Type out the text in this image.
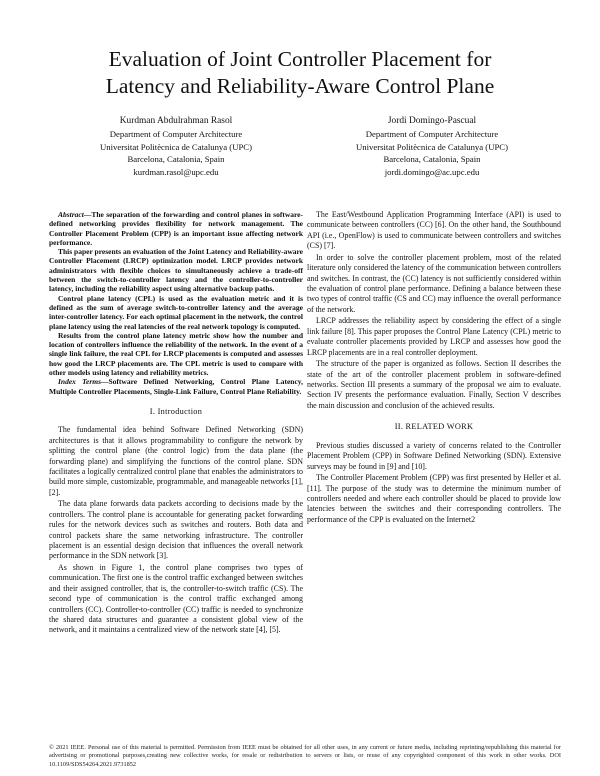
Evaluation of Joint Controller Placement for
Latency and Reliability-Aware Control Plane
Kurdman Abdulrahman Rasol
Department of Computer Architecture
Universitat Politècnica de Catalunya (UPC)
Barcelona, Catalonia, Spain
kurdman.rasol@upc.edu
Jordi Domingo-Pascual
Department of Computer Architecture
Universitat Politècnica de Catalunya (UPC)
Barcelona, Catalonia, Spain
jordi.domingo@ac.upc.edu

Abstract—The separation of the forwarding and control planes in software-defined networking provides flexibility for network management. The Controller Placement Problem (CPP) is an important issue affecting network performance.

This paper presents an evaluation of the Joint Latency and Reliability-aware Controller Placement (LRCP) optimization model. LRCP provides network administrators with flexible choices to simultaneously achieve a trade-off between the switch-to-controller latency and the controller-to-controller latency, including the reliability aspect using alternative backup paths.

Control plane latency (CPL) is used as the evaluation metric and it is defined as the sum of average switch-to-controller latency and the average inter-controller latency. For each optimal placement in the network, the control plane latency using the real latencies of the real network topology is computed.

Results from the control plane latency metric show how the number and location of controllers influence the reliability of the network. In the event of a single link failure, the real CPL for LRCP placements is computed and assesses how good the LRCP placements are. The CPL metric is used to compare with other models using latency and reliability metrics.

Index Terms—Software Defined Networking, Control Plane Latency, Multiple Controller Placements, Single-Link Failure, Control Plane Reliability.

I. Introduction

The fundamental idea behind Software Defined Networking (SDN) architectures is that it allows programmability to configure the network by splitting the control plane (the control logic) from the data plane (the forwarding plane) and simplifying the functions of the control plane. SDN facilitates a logically centralized control plane that enables the administrators to build more simple, customizable, programmable, and manageable networks [1], [2].

The data plane forwards data packets according to decisions made by the controllers. The control plane is accountable for generating packet forwarding rules for the network devices such as switches and routers. Both data and control packets share the same networking infrastructure. The controller placement is an essential design decision that influences the overall network performance in the SDN network [3].

As shown in Figure 1, the control plane comprises two types of communication. The first one is the control traffic exchanged between switches and their assigned controller, that is, the controller-to-switch traffic (CS). The second type of communication is the control traffic exchanged among controllers (CC). Controller-to-controller (CC) traffic is needed to synchronize the shared data structures and guarantee a consistent global view of the network, and it maintains a centralized view of the network state [4], [5].

The East/Westbound Application Programming Interface (API) is used to communicate between controllers (CC) [6]. On the other hand, the Southbound API (i.e., OpenFlow) is used to communicate between controllers and switches (CS) [7].

In order to solve the controller placement problem, most of the related literature only considered the latency of the communication between controllers and switches. In contrast, the (CC) latency is not sufficiently considered within the evaluation of control plane performance. Defining a balance between these two types of control traffic (CS and CC) may influence the overall performance of the network.

LRCP addresses the reliability aspect by considering the effect of a single link failure [8]. This paper proposes the Control Plane Latency (CPL) metric to evaluate controller placements provided by LRCP and assesses how good the LRCP placements are in a real controller deployment.

The structure of the paper is organized as follows. Section II describes the state of the art of the controller placement problem in software-defined networks. Section III presents a summary of the proposal we aim to evaluate. Section IV presents the performance evaluation. Finally, Section V describes the main discussion and conclusion of the achieved results.

II. RELATED WORK

Previous studies discussed a variety of concerns related to the Controller Placement Problem (CPP) in Software Defined Networking (SDN). Extensive surveys may be found in [9] and [10].

The Controller Placement Problem (CPP) was first presented by Heller et al. [11]. The purpose of the study was to determine the minimum number of controllers needed and where each controller should be placed to provide low latencies between the switches and their corresponding controllers. The performance of the CPP is evaluated on the Internet2

© 2021 IEEE. Personal use of this material is permitted. Permission from IEEE must be obtained for all other uses, in any current or future media, including reprinting/republishing this material for advertising or promotional purposes,creating new collective works, for resale or redistribution to servers or lists, or reuse of any copyrighted component of this work in other works. DOI 10.1109/SDS54264.2021.9731852
